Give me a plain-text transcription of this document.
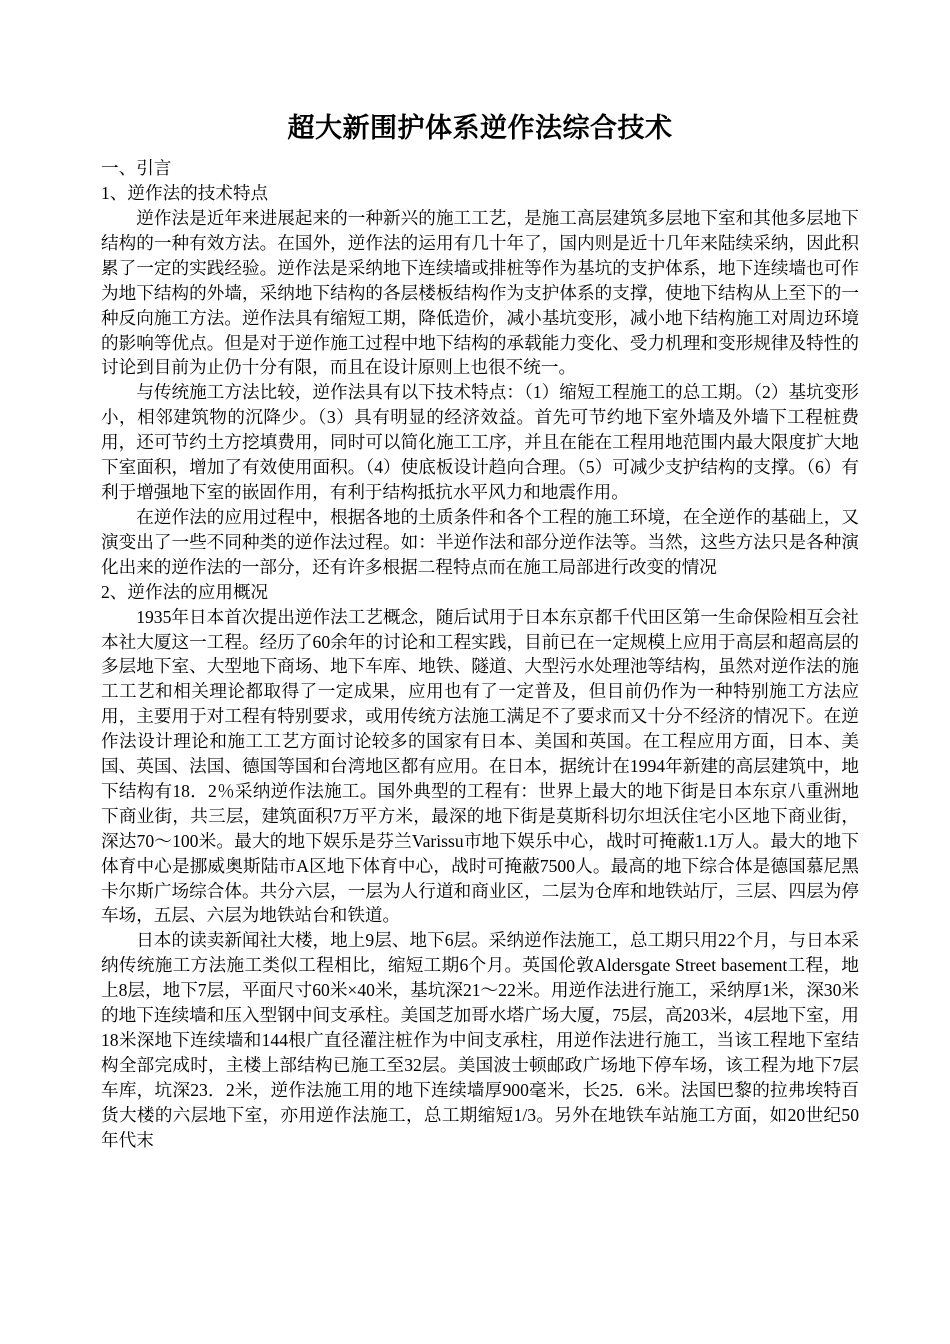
超大新围护体系逆作法综合技术

一、引言

1、逆作法的技术特点

逆作法是近年来进展起来的一种新兴的施工工艺，是施工高层建筑多层地下室和其他多层地下结构的一种有效方法。在国外，逆作法的运用有几十年了，国内则是近十几年来陆续采纳，因此积累了一定的实践经验。逆作法是采纳地下连续墙或排桩等作为基坑的支护体系，地下连续墙也可作为地下结构的外墙，采纳地下结构的各层楼板结构作为支护体系的支撑，使地下结构从上至下的一种反向施工方法。逆作法具有缩短工期，降低造价，减小基坑变形，减小地下结构施工对周边环境的影响等优点。但是对于逆作施工过程中地下结构的承载能力变化、受力机理和变形规律及特性的讨论到目前为止仍十分有限，而且在设计原则上也很不统一。

与传统施工方法比较，逆作法具有以下技术特点：（1）缩短工程施工的总工期。（2）基坑变形小，相邻建筑物的沉降少。（3）具有明显的经济效益。首先可节约地下室外墙及外墙下工程桩费用，还可节约土方挖填费用，同时可以简化施工工序，并且在能在工程用地范围内最大限度扩大地下室面积，增加了有效使用面积。（4）使底板设计趋向合理。（5）可减少支护结构的支撑。（6）有利于增强地下室的嵌固作用，有利于结构抵抗水平风力和地震作用。

在逆作法的应用过程中，根据各地的土质条件和各个工程的施工环境，在全逆作的基础上，又演变出了一些不同种类的逆作法过程。如：半逆作法和部分逆作法等。当然，这些方法只是各种演化出来的逆作法的一部分，还有许多根据二程特点而在施工局部进行改变的情况

2、逆作法的应用概况

1935年日本首次提出逆作法工艺概念，随后试用于日本东京都千代田区第一生命保险相互会社本社大厦这一工程。经历了60余年的讨论和工程实践，目前已在一定规模上应用于高层和超高层的多层地下室、大型地下商场、地下车库、地铁、隧道、大型污水处理池等结构，虽然对逆作法的施工工艺和相关理论都取得了一定成果，应用也有了一定普及，但目前仍作为一种特别施工方法应用，主要用于对工程有特别要求，或用传统方法施工满足不了要求而又十分不经济的情况下。在逆作法设计理论和施工工艺方面讨论较多的国家有日本、美国和英国。在工程应用方面，日本、美国、英国、法国、德国等国和台湾地区都有应用。在日本，据统计在1994年新建的高层建筑中，地下结构有18．2％采纳逆作法施工。国外典型的工程有：世界上最大的地下街是日本东京八重洲地下商业街，共三层，建筑面积7万平方米，最深的地下街是莫斯科切尔坦沃住宅小区地下商业街，深达70～100米。最大的地下娱乐是芬兰Varissu市地下娱乐中心，战时可掩蔽1.1万人。最大的地下体育中心是挪威奥斯陆市A区地下体育中心，战时可掩蔽7500人。最高的地下综合体是德国慕尼黑卡尔斯广场综合体。共分六层，一层为人行道和商业区，二层为仓库和地铁站厅，三层、四层为停车场，五层、六层为地铁站台和铁道。

日本的读卖新闻社大楼，地上9层、地下6层。采纳逆作法施工，总工期只用22个月，与日本采纳传统施工方法施工类似工程相比，缩短工期6个月。英国伦敦Aldersgate Street basement工程，地上8层，地下7层，平面尺寸60米×40米，基坑深21～22米。用逆作法进行施工，采纳厚1米，深30米的地下连续墙和压入型钢中间支承柱。美国芝加哥水塔广场大厦，75层，高203米，4层地下室，用18米深地下连续墙和144根广直径灌注桩作为中间支承柱，用逆作法进行施工，当该工程地下室结构全部完成时，主楼上部结构已施工至32层。美国波士顿邮政广场地下停车场，该工程为地下7层车库，坑深23．2米，逆作法施工用的地下连续墙厚900毫米，长25．6米。法国巴黎的拉弗埃特百货大楼的六层地下室，亦用逆作法施工，总工期缩短1/3。另外在地铁车站施工方面，如20世纪50年代末
